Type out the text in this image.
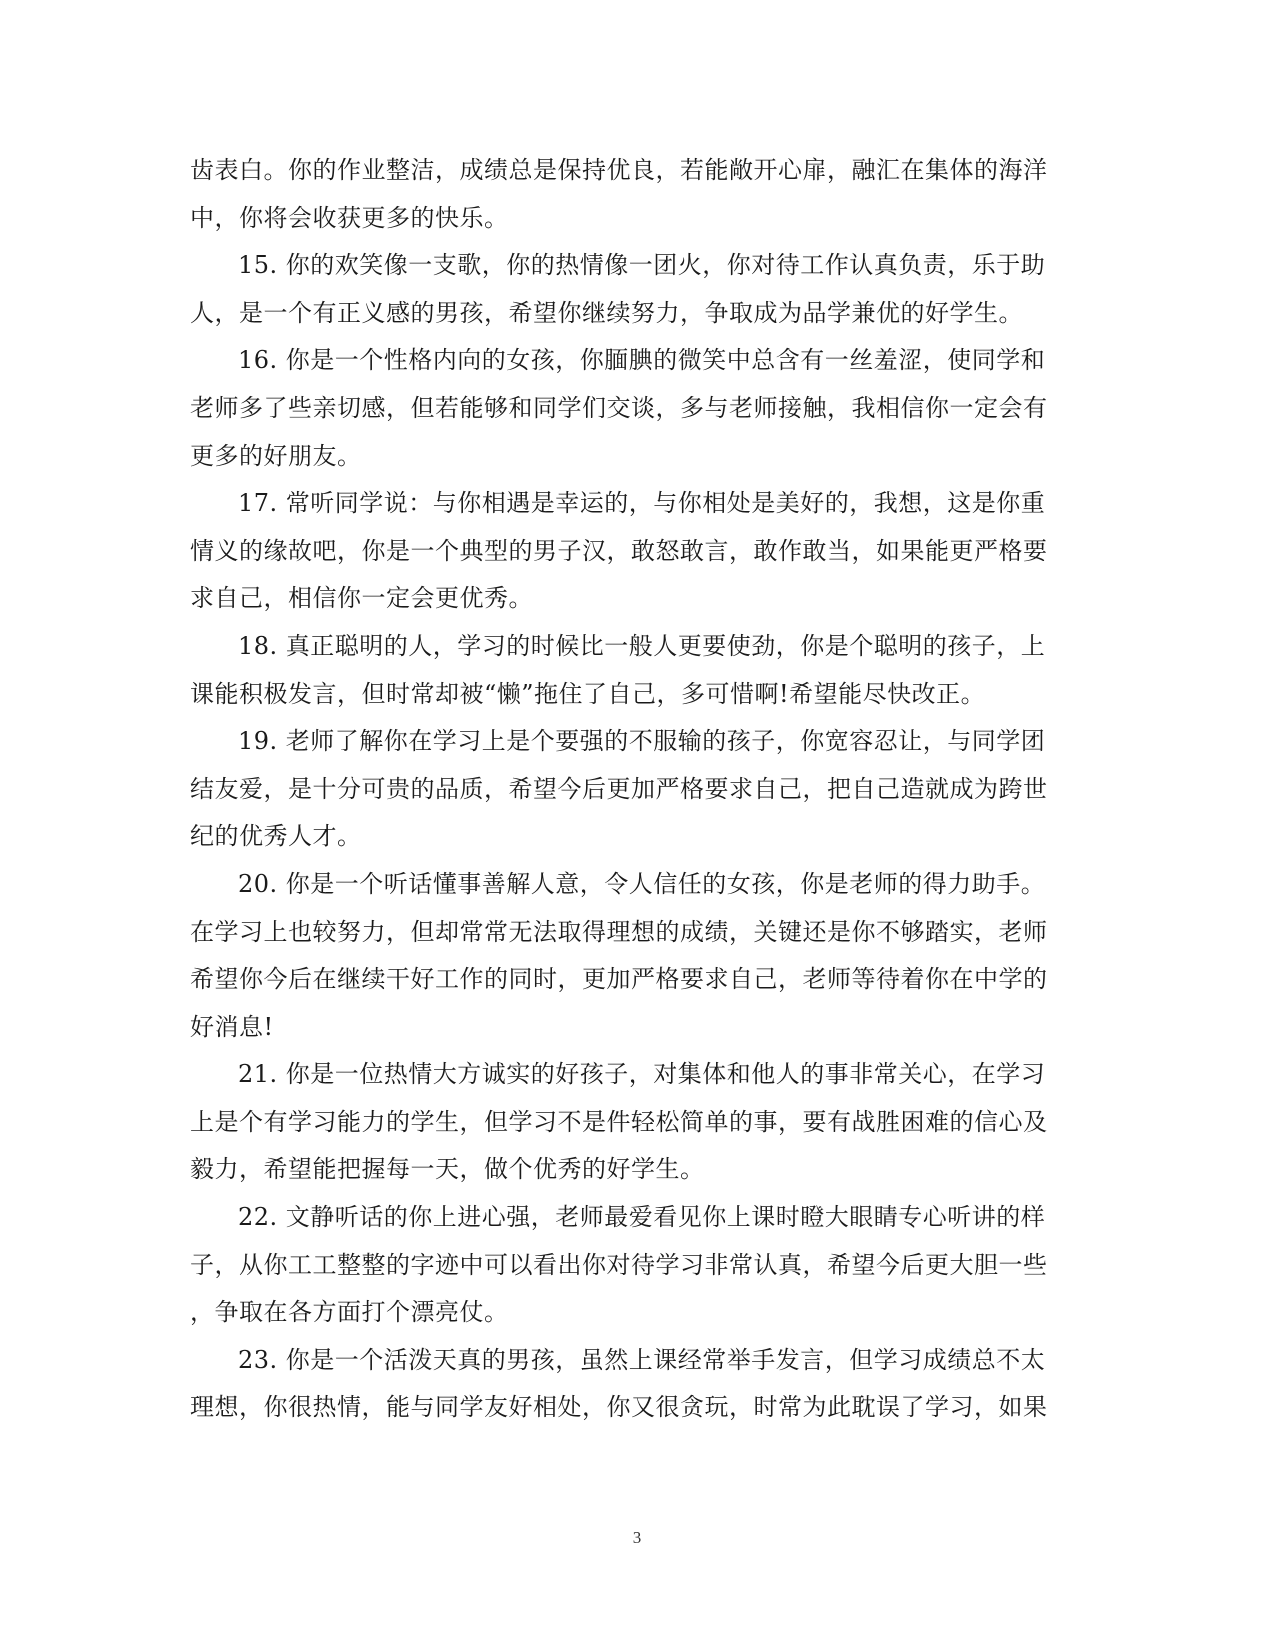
齿表白。你的作业整洁，成绩总是保持优良，若能敞开心扉，融汇在集体的海洋
中，你将会收获更多的快乐。
15. 你的欢笑像一支歌，你的热情像一团火，你对待工作认真负责，乐于助
人，是一个有正义感的男孩，希望你继续努力，争取成为品学兼优的好学生。
16. 你是一个性格内向的女孩，你腼腆的微笑中总含有一丝羞涩，使同学和
老师多了些亲切感，但若能够和同学们交谈，多与老师接触，我相信你一定会有
更多的好朋友。
17. 常听同学说：与你相遇是幸运的，与你相处是美好的，我想，这是你重
情义的缘故吧，你是一个典型的男子汉，敢怒敢言，敢作敢当，如果能更严格要
求自己，相信你一定会更优秀。
18. 真正聪明的人，学习的时候比一般人更要使劲，你是个聪明的孩子，上
课能积极发言，但时常却被“懒”拖住了自己，多可惜啊!希望能尽快改正。
19. 老师了解你在学习上是个要强的不服输的孩子，你宽容忍让，与同学团
结友爱，是十分可贵的品质，希望今后更加严格要求自己，把自己造就成为跨世
纪的优秀人才。
20. 你是一个听话懂事善解人意，令人信任的女孩，你是老师的得力助手。
在学习上也较努力，但却常常无法取得理想的成绩，关键还是你不够踏实，老师
希望你今后在继续干好工作的同时，更加严格要求自己，老师等待着你在中学的
好消息!
21. 你是一位热情大方诚实的好孩子，对集体和他人的事非常关心，在学习
上是个有学习能力的学生，但学习不是件轻松简单的事，要有战胜困难的信心及
毅力，希望能把握每一天，做个优秀的好学生。
22. 文静听话的你上进心强，老师最爱看见你上课时瞪大眼睛专心听讲的样
子，从你工工整整的字迹中可以看出你对待学习非常认真，希望今后更大胆一些
，争取在各方面打个漂亮仗。
23. 你是一个活泼天真的男孩，虽然上课经常举手发言，但学习成绩总不太
理想，你很热情，能与同学友好相处，你又很贪玩，时常为此耽误了学习，如果
3
